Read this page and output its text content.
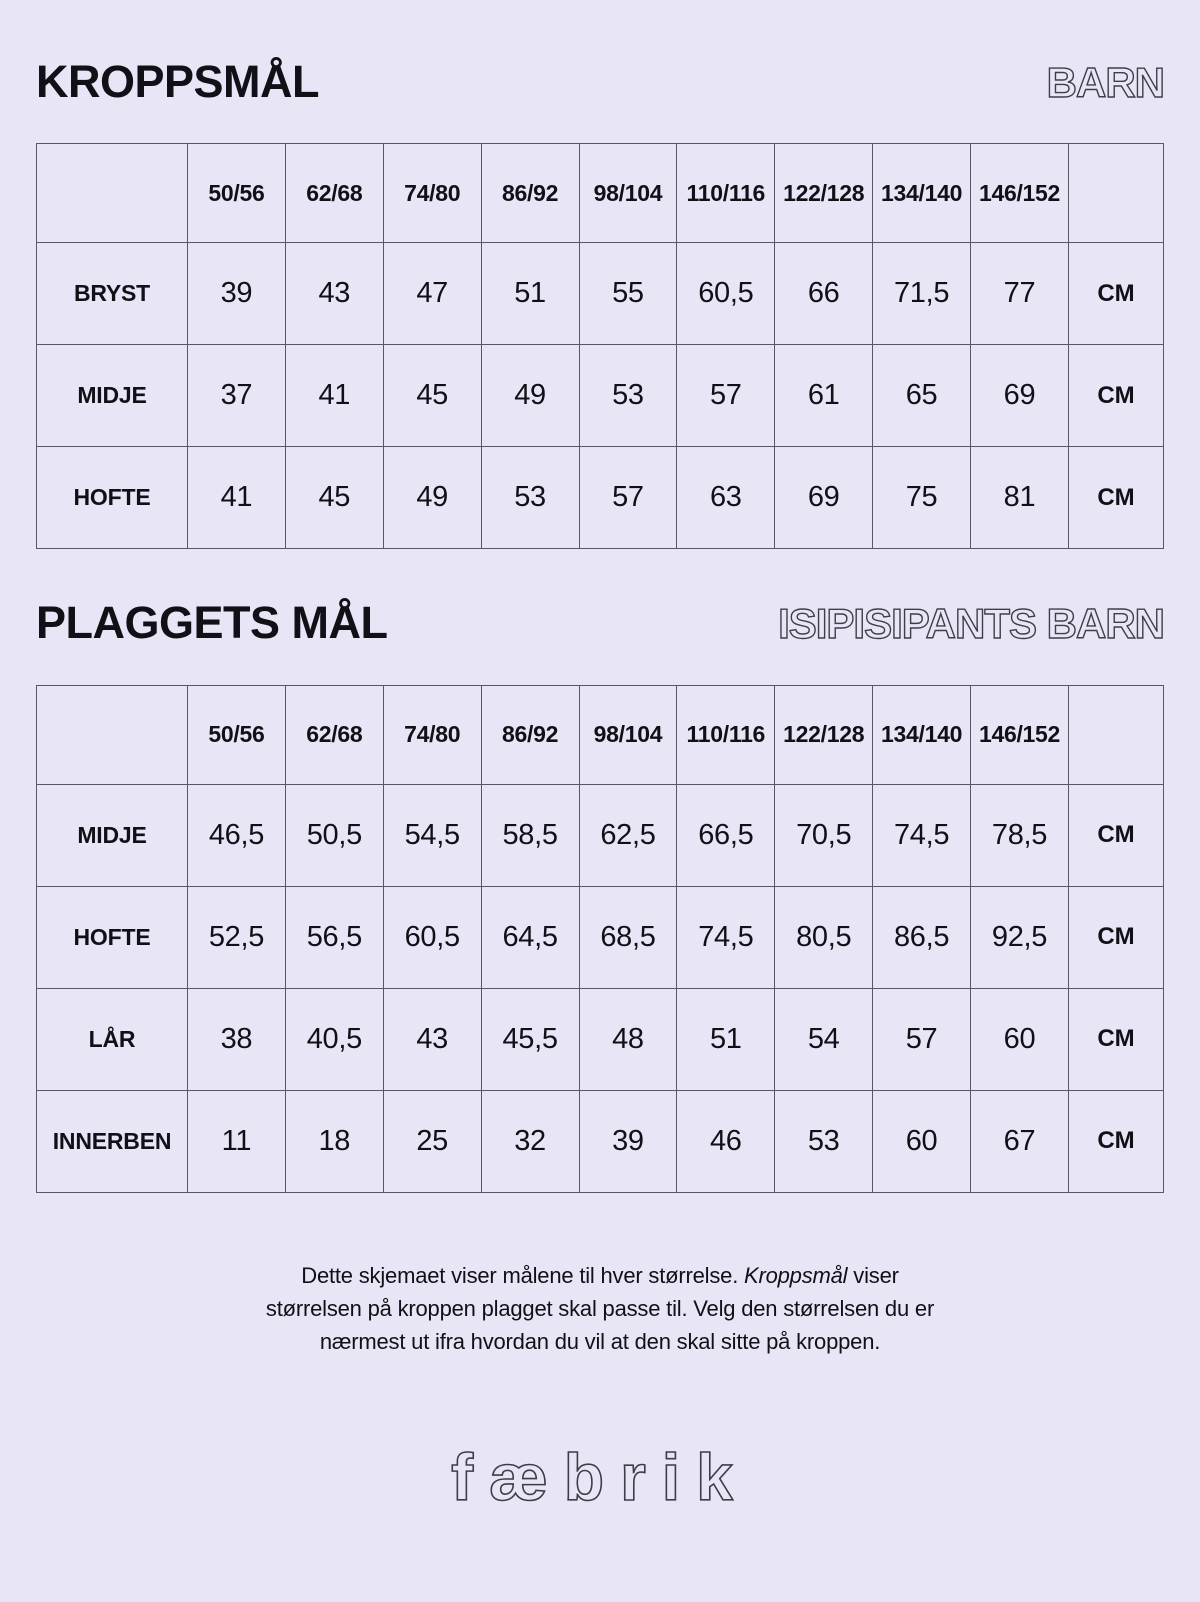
KROPPSMÅL	BARN
	50/56	62/68	74/80	86/92	98/104	110/116	122/128	134/140	146/152	
BRYST	39	43	47	51	55	60,5	66	71,5	77	CM
MIDJE	37	41	45	49	53	57	61	65	69	CM
HOFTE	41	45	49	53	57	63	69	75	81	CM
PLAGGETS MÅL	ISIPISIPANTS BARN
	50/56	62/68	74/80	86/92	98/104	110/116	122/128	134/140	146/152	
MIDJE	46,5	50,5	54,5	58,5	62,5	66,5	70,5	74,5	78,5	CM
HOFTE	52,5	56,5	60,5	64,5	68,5	74,5	80,5	86,5	92,5	CM
LÅR	38	40,5	43	45,5	48	51	54	57	60	CM
INNERBEN	11	18	25	32	39	46	53	60	67	CM
Dette skjemaet viser målene til hver størrelse. Kroppsmål viser
størrelsen på kroppen plagget skal passe til. Velg den størrelsen du er
nærmest ut ifra hvordan du vil at den skal sitte på kroppen.
fæbrik
